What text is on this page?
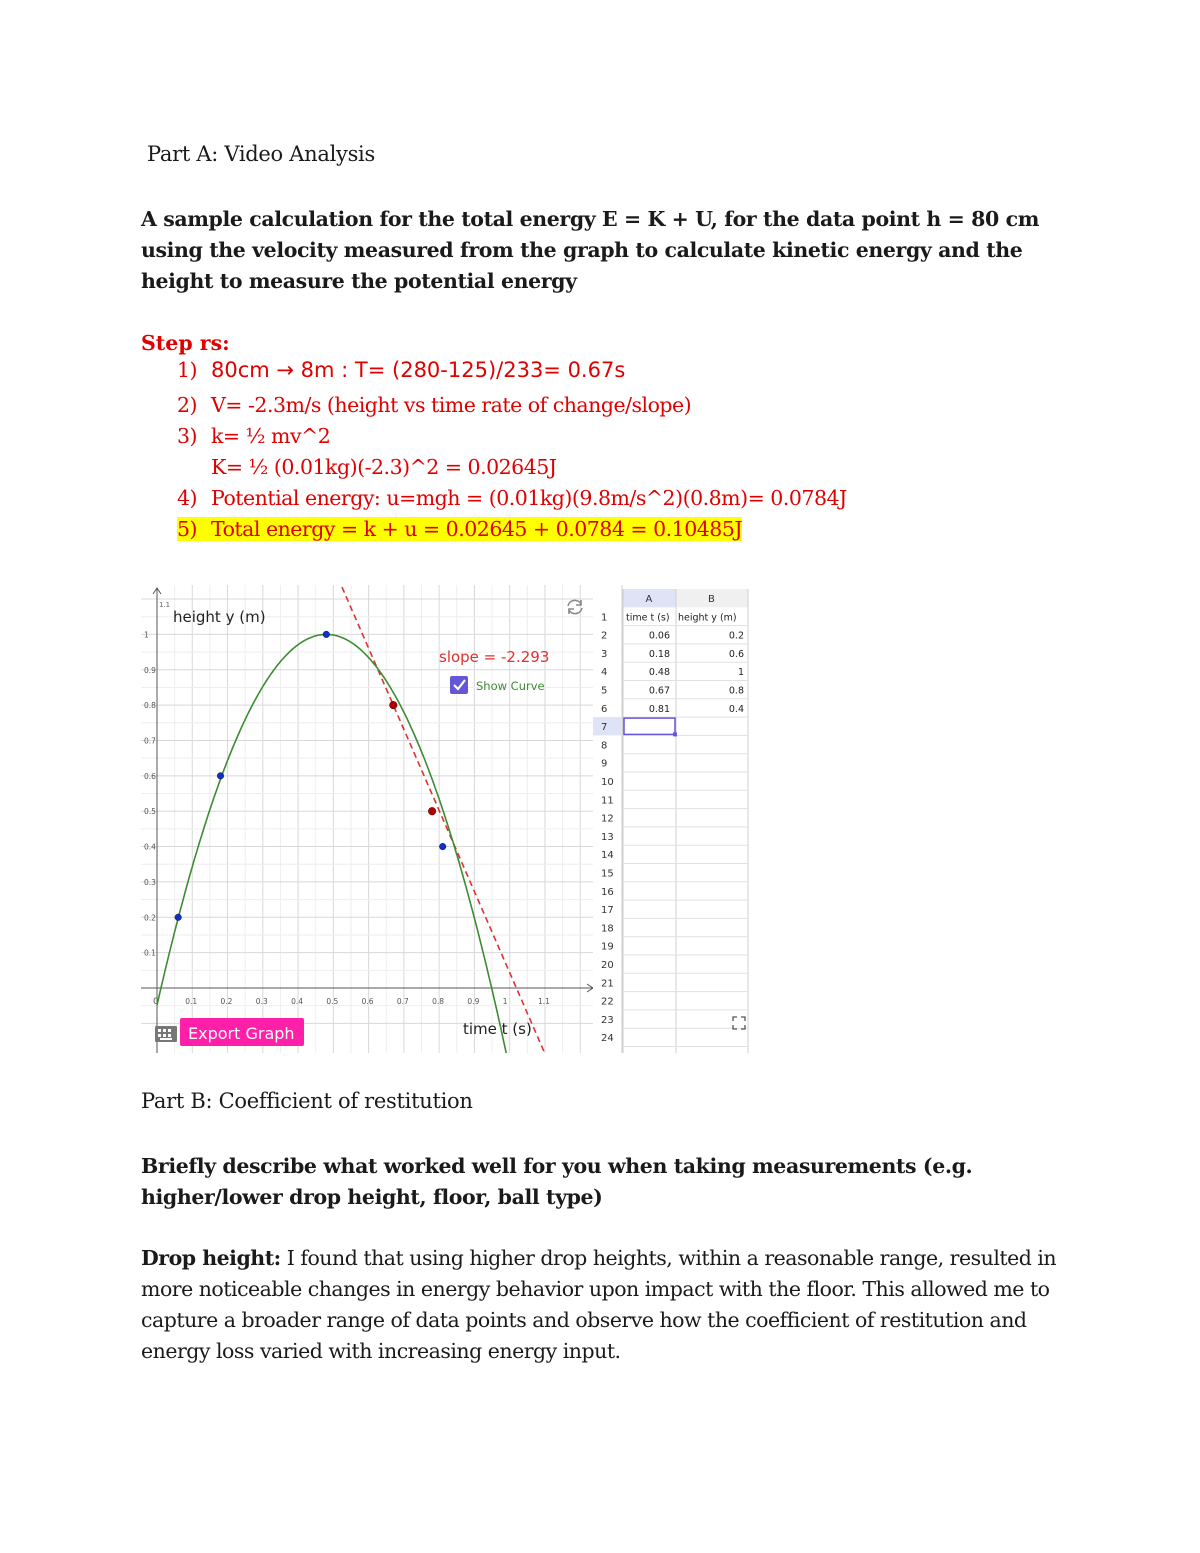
Part A: Video Analysis
A sample calculation for the total energy E = K + U, for the data point h = 80 cm using the velocity measured from the graph to calculate kinetic energy and the height to measure the potential energy
Step rs:
1) 80cm → 8m : T= (280-125)/233= 0.67s
2) V= -2.3m/s (height vs time rate of change/slope)
3) k= ½ mv^2
K= ½ (0.01kg)(-2.3)^2 = 0.02645J
4) Potential energy: u=mgh = (0.01kg)(9.8m/s^2)(0.8m)= 0.0784J
5) Total energy = k + u = 0.02645 + 0.0784 = 0.10485J
0	0.1	0.2	0.3	0.4	0.5	0.6	0.7	0.8	0.9	1	1.1
1
0.9
0.8
0.7
0.6
0.5
0.4
0.3
0.2
0.1
height y (m)
1.1
time t (s)
slope = -2.293
Show Curve
Export Graph
A	B
1 time t (s) height y (m)
2	0.06	0.2
3	0.18	0.6
4	0.48	1
5	0.67	0.8
6	0.81	0.4
7
8
9
10
11
12
13
14
15
16
17
18
19
20
21
22
23
24
Part B: Coefficient of restitution
Briefly describe what worked well for you when taking measurements (e.g. higher/lower drop height, floor, ball type)
Drop height: I found that using higher drop heights, within a reasonable range, resulted in more noticeable changes in energy behavior upon impact with the floor. This allowed me to capture a broader range of data points and observe how the coefficient of restitution and energy loss varied with increasing energy input.
